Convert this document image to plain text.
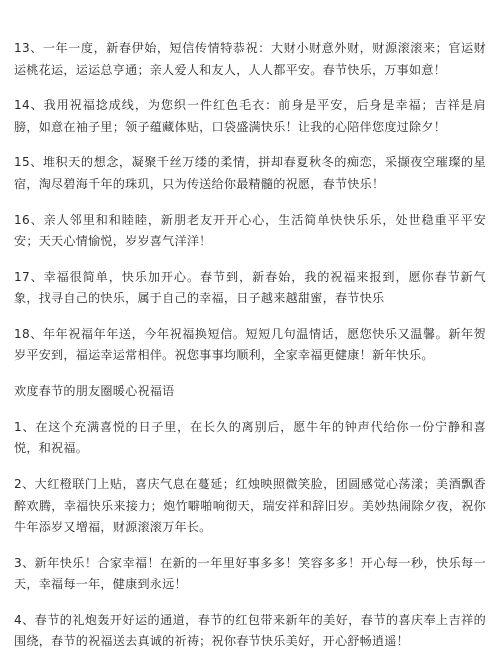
13、一年一度，新春伊始，短信传情特恭祝：大财小财意外财，财源滚滚来；官运财运桃花运，运运总亨通；亲人爱人和友人，人人都平安。春节快乐，万事如意！

14、我用祝福捻成线，为您织一件红色毛衣：前身是平安，后身是幸福；吉祥是肩膀，如意在袖子里；领子蕴藏体贴，口袋盛满快乐！让我的心陪伴您度过除夕！

15、堆积天的想念，凝聚千丝万缕的柔情，拼却春夏秋冬的痴恋，采撷夜空璀璨的星宿，淘尽碧海千年的珠玑，只为传送给你最精髓的祝愿，春节快乐！

16、亲人邻里和和睦睦，新朋老友开开心心，生活简单快快乐乐，处世稳重平平安安；天天心情愉悦，岁岁喜气洋洋！

17、幸福很简单，快乐加开心。春节到，新春始，我的祝福来报到，愿你春节新气象，找寻自己的快乐，属于自己的幸福，日子越来越甜蜜，春节快乐

18、年年祝福年年送，今年祝福换短信。短短几句温情话，愿您快乐又温馨。新年贺岁平安到，福运幸运常相伴。祝您事事均顺利，全家幸福更健康！新年快乐。

欢度春节的朋友圈暖心祝福语

1、在这个充满喜悦的日子里，在长久的离别后，愿牛年的钟声代给你一份宁静和喜悦，和祝福。

2、大红橙联门上贴，喜庆气息在蔓延；红烛映照微笑脸，团圆感觉心荡漾；美酒飘香醉欢腾，幸福快乐来接力；炮竹噼啪响彻天，瑞安祥和辞旧岁。美妙热闹除夕夜，祝你牛年添岁又增福，财源滚滚万年长。

3、新年快乐！合家幸福！在新的一年里好事多多！笑容多多！开心每一秒，快乐每一天，幸福每一年，健康到永远！

4、春节的礼炮轰开好运的通道，春节的红包带来新年的美好，春节的喜庆奉上吉祥的围绕，春节的祝福送去真诚的祈祷；祝你春节快乐美好，开心舒畅逍遥！
